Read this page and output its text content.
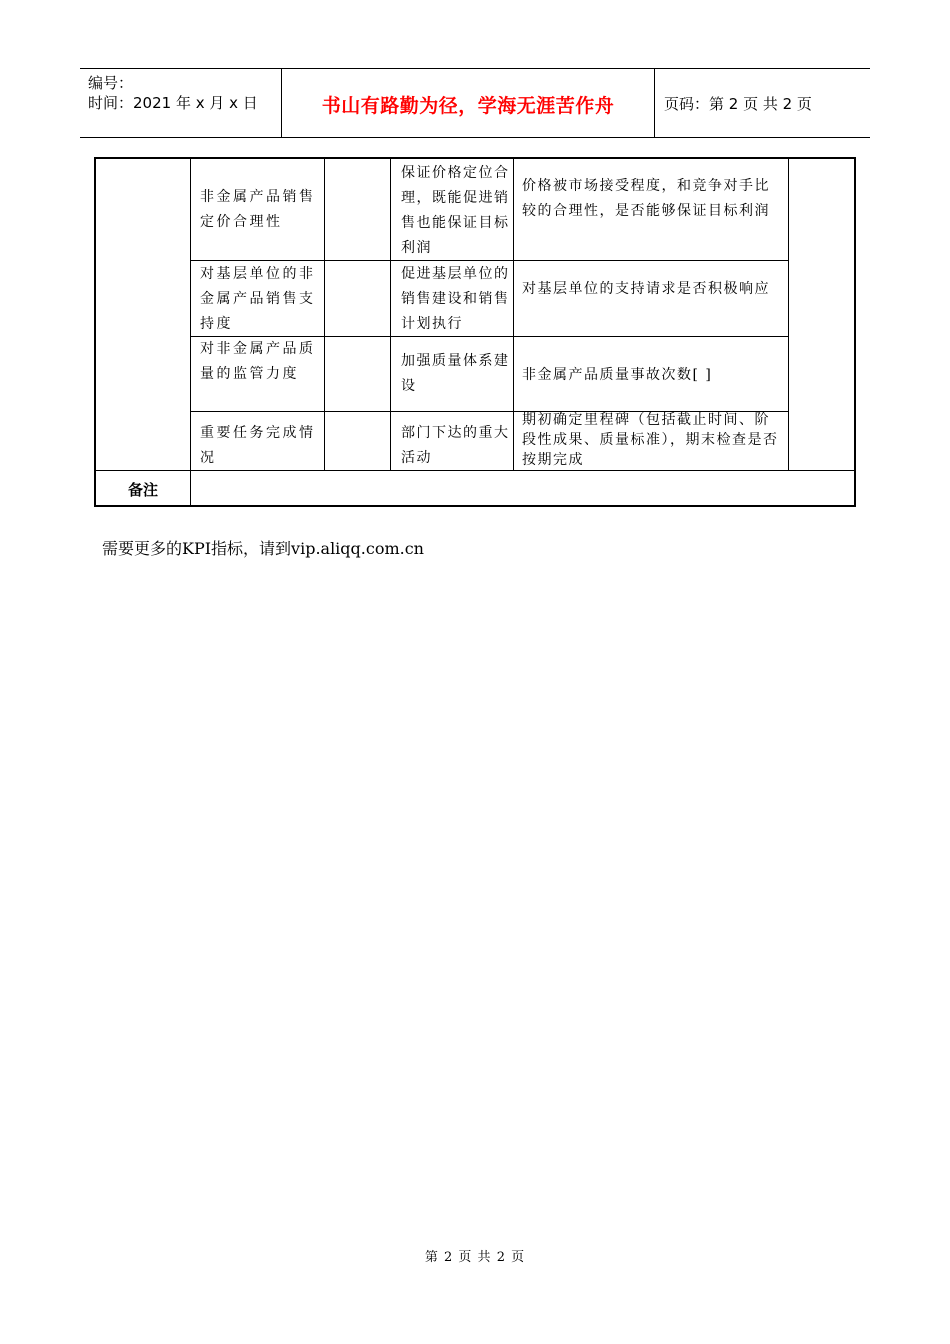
编号：
时间：2021 年 x 月 x 日	书山有路勤为径，学海无涯苦作舟	页码：第 2 页 共 2 页
非金属产品销售定价合理性
保证价格定位合理，既能促进销售也能保证目标利润
价格被市场接受程度，和竞争对手比较的合理性，是否能够保证目标利润
对基层单位的非金属产品销售支持度
促进基层单位的销售建设和销售计划执行
对基层单位的支持请求是否积极响应
对非金属产品质量的监管力度
加强质量体系建设
非金属产品质量事故次数[ ]
重要任务完成情况
部门下达的重大活动
期初确定里程碑（包括截止时间、阶段性成果、质量标准），期末检查是否按期完成
备注
需要更多的KPI指标，请到vip.aliqq.com.cn
第 2 页 共 2 页
